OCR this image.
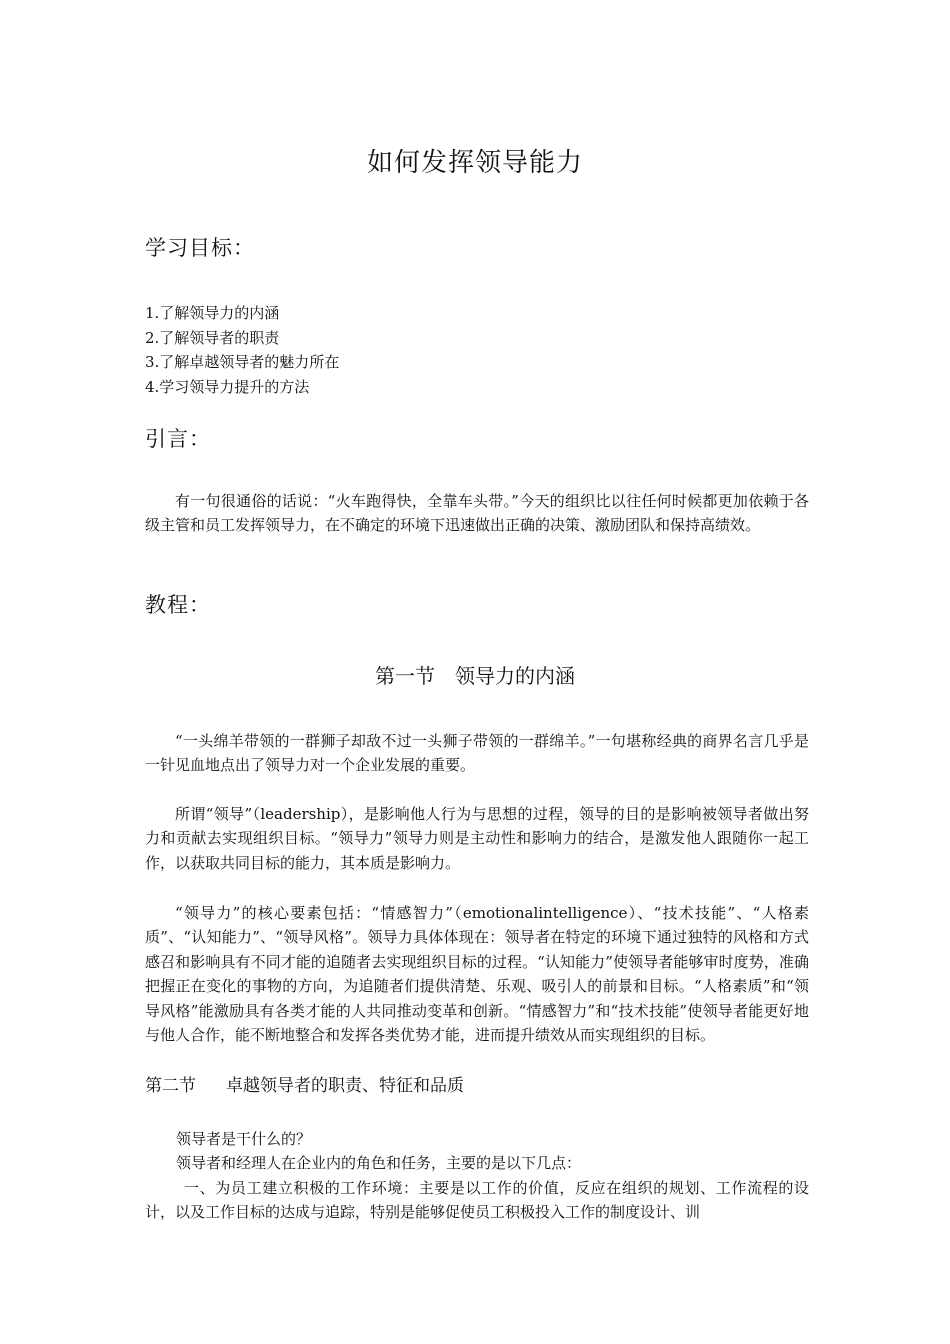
如何发挥领导能力
学习目标：
1.了解领导力的内涵
2.了解领导者的职责
3.了解卓越领导者的魅力所在
4.学习领导力提升的方法
引言：
有一句很通俗的话说：“火车跑得快，全靠车头带。”今天的组织比以往任何时候都更加依赖于各级主管和员工发挥领导力，在不确定的环境下迅速做出正确的决策、激励团队和保持高绩效。
教程：
第一节　领导力的内涵
“一头绵羊带领的一群狮子却敌不过一头狮子带领的一群绵羊。”一句堪称经典的商界名言几乎是一针见血地点出了领导力对一个企业发展的重要。
所谓“领导”（leadership），是影响他人行为与思想的过程，领导的目的是影响被领导者做出努力和贡献去实现组织目标。“领导力”领导力则是主动性和影响力的结合，是激发他人跟随你一起工作，以获取共同目标的能力，其本质是影响力。
“领导力”的核心要素包括：“情感智力”（emotionalintelligence）、“技术技能”、“人格素质”、“认知能力”、“领导风格”。领导力具体体现在：领导者在特定的环境下通过独特的风格和方式感召和影响具有不同才能的追随者去实现组织目标的过程。“认知能力”使领导者能够审时度势，准确把握正在变化的事物的方向，为追随者们提供清楚、乐观、吸引人的前景和目标。“人格素质”和“领导风格”能激励具有各类才能的人共同推动变革和创新。“情感智力”和“技术技能”使领导者能更好地与他人合作，能不断地整合和发挥各类优势才能，进而提升绩效从而实现组织的目标。
第二节 卓越领导者的职责、特征和品质
领导者是干什么的？
领导者和经理人在企业内的角色和任务，主要的是以下几点：
一、为员工建立积极的工作环境：主要是以工作的价值，反应在组织的规划、工作流程的设计，以及工作目标的达成与追踪，特别是能够促使员工积极投入工作的制度设计、训
